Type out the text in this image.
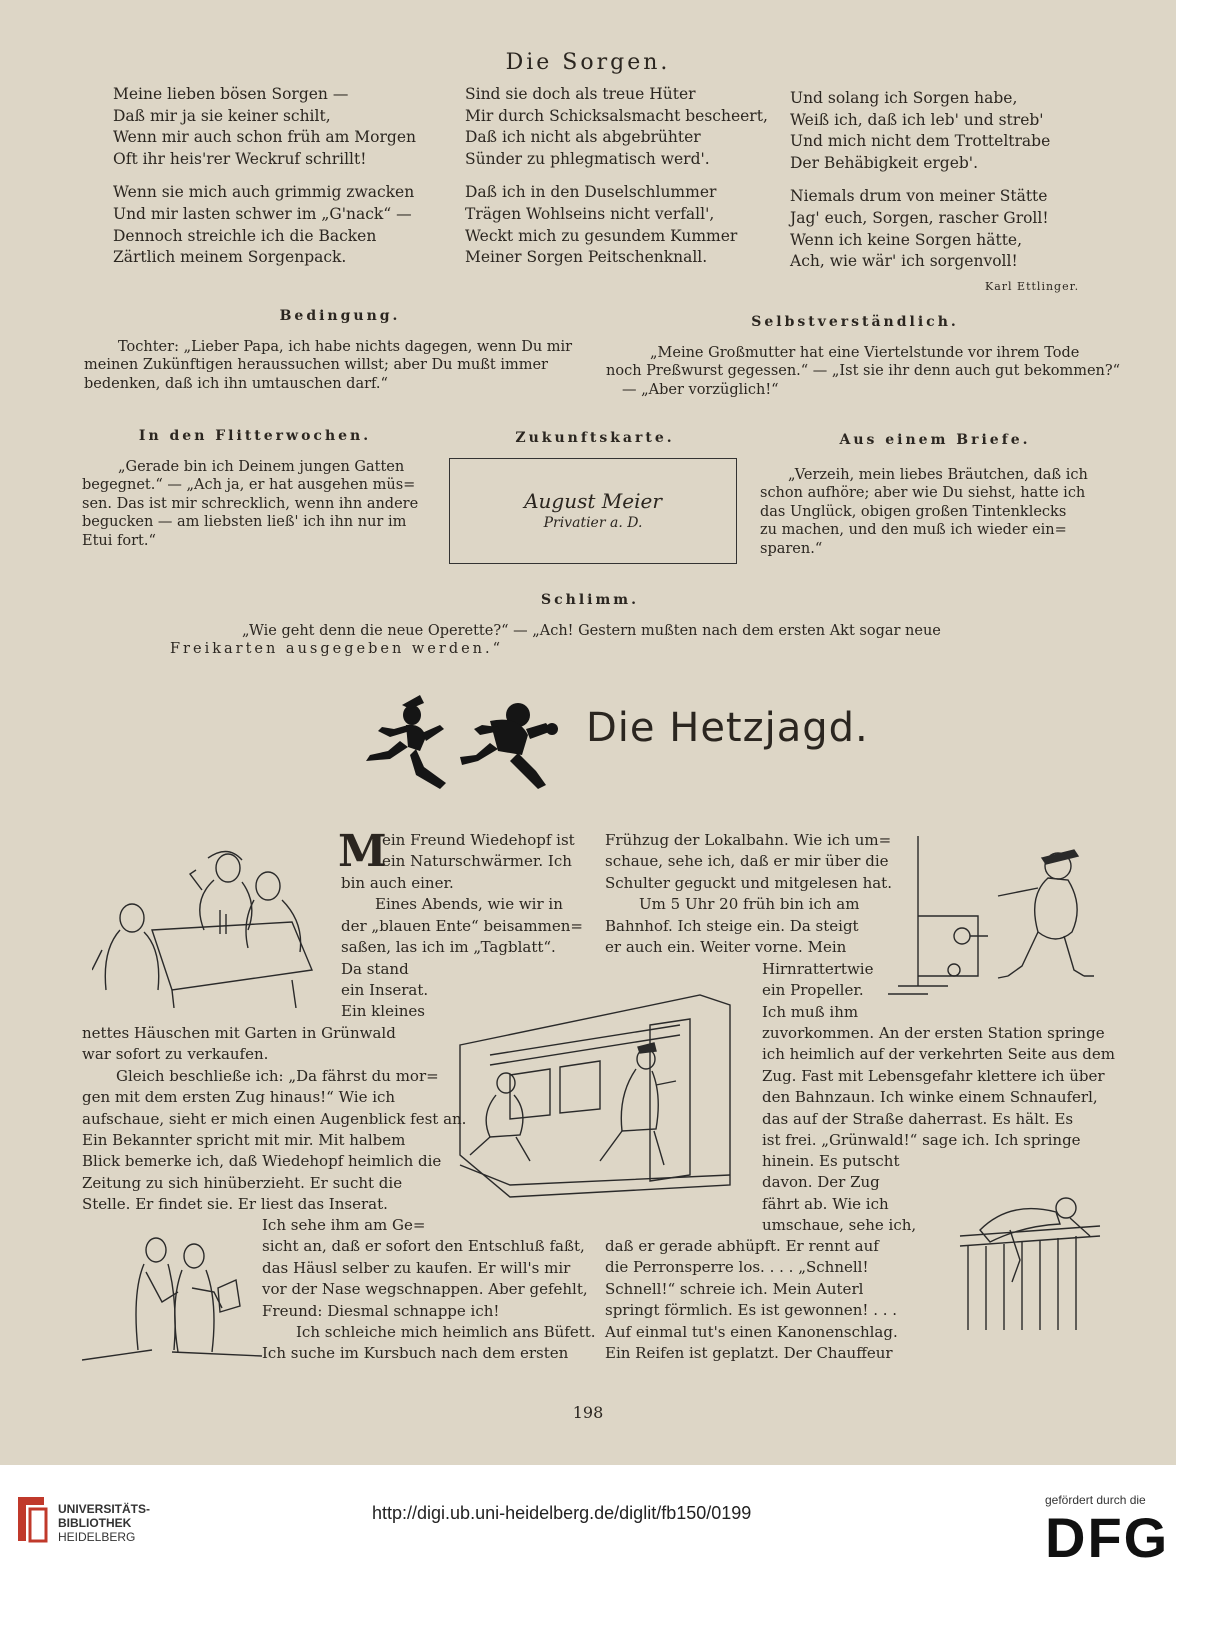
Die Sorgen.
Meine lieben bösen Sorgen —
Daß mir ja sie keiner schilt,
Wenn mir auch schon früh am Morgen
Oft ihr heis'rer Weckruf schrillt!
Wenn sie mich auch grimmig zwacken
Und mir lasten schwer im „G'nack“ —
Dennoch streichle ich die Backen
Zärtlich meinem Sorgenpack.
Sind sie doch als treue Hüter
Mir durch Schicksalsmacht bescheert,
Daß ich nicht als abgebrühter
Sünder zu phlegmatisch werd'.
Daß ich in den Duselschlummer
Trägen Wohlseins nicht verfall',
Weckt mich zu gesundem Kummer
Meiner Sorgen Peitschenknall.
Und solang ich Sorgen habe,
Weiß ich, daß ich leb' und streb'
Und mich nicht dem Trotteltrabe
Der Behäbigkeit ergeb'.
Niemals drum von meiner Stätte
Jag' euch, Sorgen, rascher Groll!
Wenn ich keine Sorgen hätte,
Ach, wie wär' ich sorgenvoll!
Karl Ettlinger.
Bedingung.
Tochter: „Lieber Papa, ich habe nichts dagegen, wenn Du mir
meinen Zukünftigen heraussuchen willst; aber Du mußt immer
bedenken, daß ich ihn umtauschen darf.“
Selbstverständlich.
„Meine Großmutter hat eine Viertelstunde vor ihrem Tode
noch Preßwurst gegessen.“ — „Ist sie ihr denn auch gut bekommen?“
— „Aber vorzüglich!“
In den Flitterwochen.
„Gerade bin ich Deinem jungen Gatten
begegnet.“ — „Ach ja, er hat ausgehen müs=
sen. Das ist mir schrecklich, wenn ihn andere
begucken — am liebsten ließ' ich ihn nur im
Etui fort.“
Zukunftskarte.
August Meier
Privatier a. D.
Aus einem Briefe.
„Verzeih, mein liebes Bräutchen, daß ich
schon aufhöre; aber wie Du siehst, hatte ich
das Unglück, obigen großen Tintenklecks
zu machen, und den muß ich wieder ein=
sparen.“
Schlimm.
„Wie geht denn die neue Operette?“ — „Ach! Gestern mußten nach dem ersten Akt sogar neue
Freikarten ausgegeben werden.“
Die Hetzjagd.
M
ein Freund Wiedehopf ist
ein Naturschwärmer. Ich
bin auch einer.
Eines Abends, wie wir in
der „blauen Ente“ beisammen=
saßen, las ich im „Tagblatt“.
Da stand
ein Inserat.
Ein kleines
nettes Häuschen mit Garten in Grünwald
war sofort zu verkaufen.
Gleich beschließe ich: „Da fährst du mor=
gen mit dem ersten Zug hinaus!“ Wie ich
aufschaue, sieht er mich einen Augenblick fest an.
Ein Bekannter spricht mit mir. Mit halbem
Blick bemerke ich, daß Wiedehopf heimlich die
Zeitung zu sich hinüberzieht. Er sucht die
Stelle. Er findet sie. Er liest das Inserat.
Ich sehe ihm am Ge=
sicht an, daß er sofort den Entschluß faßt,
das Häusl selber zu kaufen. Er will's mir
vor der Nase wegschnappen. Aber gefehlt,
Freund: Diesmal schnappe ich!
Ich schleiche mich heimlich ans Büfett.
Ich suche im Kursbuch nach dem ersten
Frühzug der Lokalbahn. Wie ich um=
schaue, sehe ich, daß er mir über die
Schulter geguckt und mitgelesen hat.
Um 5 Uhr 20 früh bin ich am
Bahnhof. Ich steige ein. Da steigt
er auch ein. Weiter vorne. Mein
Hirnrattertwie
ein Propeller.
Ich muß ihm
zuvorkommen. An der ersten Station springe
ich heimlich auf der verkehrten Seite aus dem
Zug. Fast mit Lebensgefahr klettere ich über
den Bahnzaun. Ich winke einem Schnauferl,
das auf der Straße daherrast. Es hält. Es
ist frei. „Grünwald!“ sage ich. Ich springe
hinein. Es putscht
davon. Der Zug
fährt ab. Wie ich
umschaue, sehe ich,
daß er gerade abhüpft. Er rennt auf
die Perronsperre los. . . . „Schnell!
Schnell!“ schreie ich. Mein Auterl
springt förmlich. Es ist gewonnen! . . .
Auf einmal tut's einen Kanonenschlag.
Ein Reifen ist geplatzt. Der Chauffeur
198
UNIVERSITÄTS-
BIBLIOTHEK
HEIDELBERG
http://digi.ub.uni-heidelberg.de/diglit/fb150/0199
gefördert durch die
DFG
